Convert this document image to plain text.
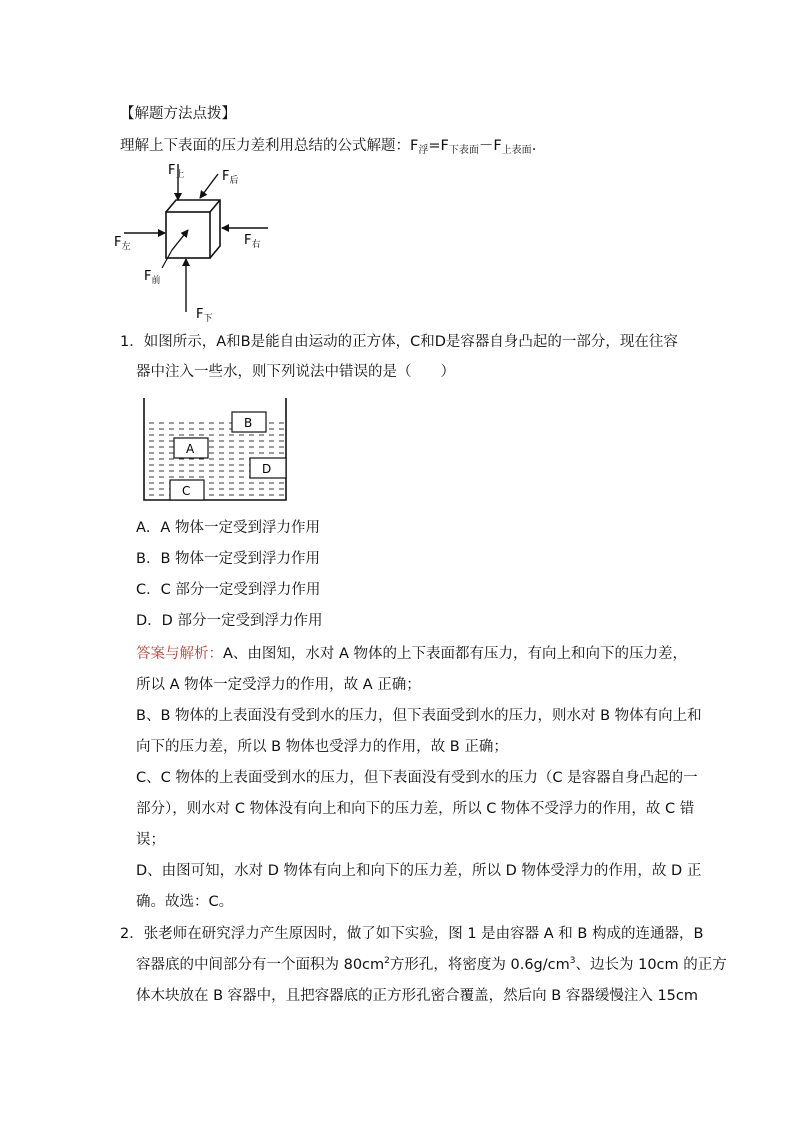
【解题方法点拨】
理解上下表面的压力差利用总结的公式解题：$F_浮=F_{下表面}-F_{上表面}$.
$F_上$	$F_后$
$F_左$	$F_右$
$F_前$
$F_下$
1．如图所示，A和B是能自由运动的正方体，C和D是容器自身凸起的一部分，现在往容
器中注入一些水，则下列说法中错误的是（　　）
B
A
D
C
A．A 物体一定受到浮力作用
B．B 物体一定受到浮力作用
C．C 部分一定受到浮力作用
D．D 部分一定受到浮力作用
答案与解析：A、由图知，水对 A 物体的上下表面都有压力，有向上和向下的压力差，
所以 A 物体一定受浮力的作用，故 A 正确；
B、B 物体的上表面没有受到水的压力，但下表面受到水的压力，则水对 B 物体有向上和
向下的压力差，所以 B 物体也受浮力的作用，故 B 正确；
C、C 物体的上表面受到水的压力，但下表面没有受到水的压力（C 是容器自身凸起的一
部分），则水对 C 物体没有向上和向下的压力差，所以 C 物体不受浮力的作用，故 C 错
误；
D、由图可知，水对 D 物体有向上和向下的压力差，所以 D 物体受浮力的作用，故 D 正
确。故选：C。
2．张老师在研究浮力产生原因时，做了如下实验，图 1 是由容器 A 和 B 构成的连通器，B
容器底的中间部分有一个面积为 $80cm^2$方形孔，将密度为 $0.6g/cm^3$、边长为 10cm 的正方
体木块放在 B 容器中，且把容器底的正方形孔密合覆盖，然后向 B 容器缓慢注入 15cm
